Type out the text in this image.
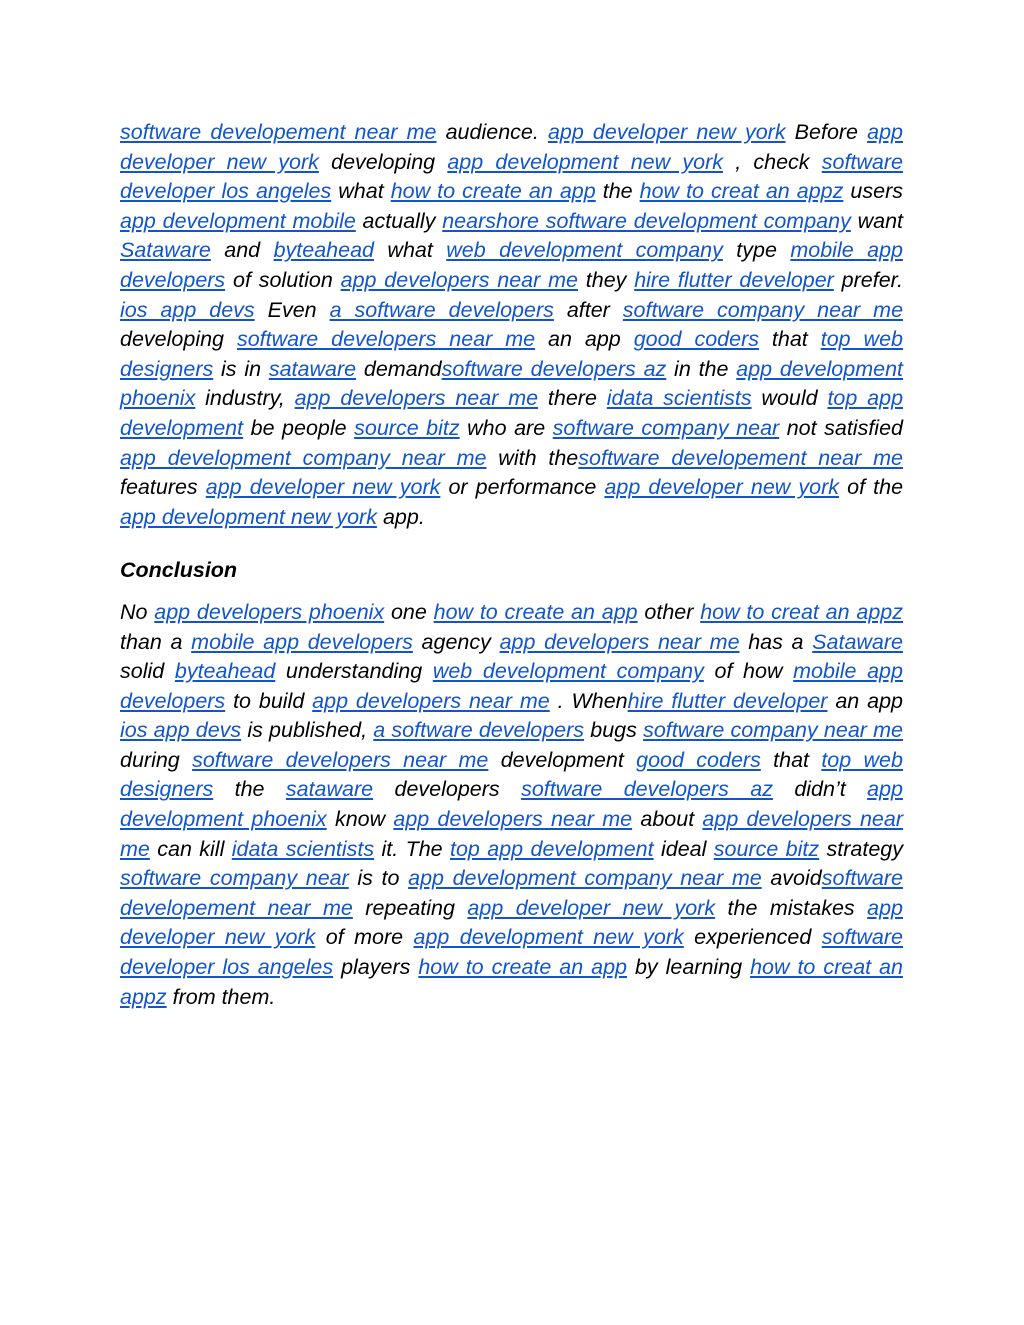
software developement near me audience. app developer new york Before app developer new york developing app development new york , check software developer los angeles what how to create an app the how to creat an appz users app development mobile actually nearshore software development company want Sataware and byteahead what web development company type mobile app developers of solution app developers near me they hire flutter developer prefer. ios app devs Even a software developers after software company near me developing software developers near me an app good coders that top web designers is in sataware demandsoftware developers az in the app development phoenix industry, app developers near me there idata scientists would top app development be people source bitz who are software company near not satisfied app development company near me with thesoftware developement near me features app developer new york or performance app developer new york of the app development new york app.

Conclusion

No app developers phoenix one how to create an app other how to creat an appz than a mobile app developers agency app developers near me has a Sataware solid byteahead understanding web development company of how mobile app developers to build app developers near me . Whenhire flutter developer an app ios app devs is published, a software developers bugs software company near me during software developers near me development good coders that top web designers the sataware developers software developers az didn’t app development phoenix know app developers near me about app developers near me can kill idata scientists it. The top app development ideal source bitz strategy software company near is to app development company near me avoidsoftware developement near me repeating app developer new york the mistakes app developer new york of more app development new york experienced software developer los angeles players how to create an app by learning how to creat an appz from them.
